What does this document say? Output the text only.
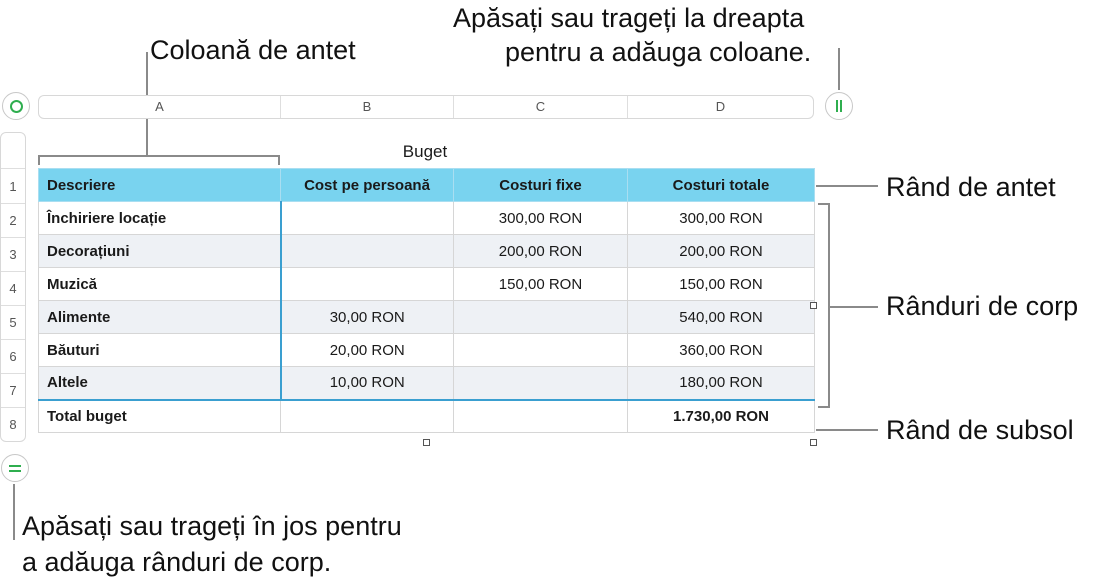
Coloană de antet
Apăsați sau trageți la dreapta
pentru a adăuga coloane.
Rând de antet
Rânduri de corp
Rând de subsol
Apăsați sau trageți în jos pentru
a adăuga rânduri de corp.
A	B	C	D
1
2
3
4
5
6
7
8
Buget
Descriere	Cost pe persoană	Costuri fixe	Costuri totale
Închiriere locație		300,00 RON	300,00 RON
Decorațiuni		200,00 RON	200,00 RON
Muzică		150,00 RON	150,00 RON
Alimente	30,00 RON		540,00 RON
Băuturi	20,00 RON		360,00 RON
Altele	10,00 RON		180,00 RON
Total buget			1.730,00 RON
